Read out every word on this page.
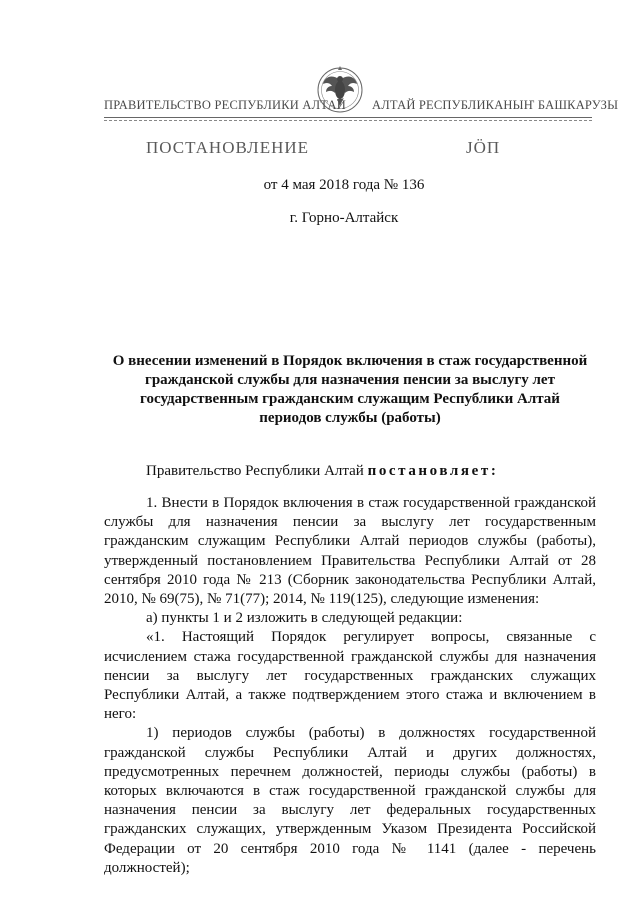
ПРАВИТЕЛЬСТВО РЕСПУБЛИКИ АЛТАЙ АЛТАЙ РЕСПУБЛИКАНЫҤ БАШКАРУЗЫ
ПОСТАНОВЛЕНИЕ	ЈӦП
от 4 мая 2018 года № 136
г. Горно-Алтайск
О внесении изменений в Порядок включения в стаж государственной
гражданской службы для назначения пенсии за выслугу лет
государственным гражданским служащим Республики Алтай
периодов службы (работы)
Правительство Республики Алтай постановляет:
1. Внести в Порядок включения в стаж государственной гражданской
службы для назначения пенсии за выслугу лет государственным
гражданским служащим Республики Алтай периодов службы (работы),
утвержденный постановлением Правительства Республики Алтай от 28
сентября 2010 года № 213 (Сборник законодательства Республики Алтай,
2010, № 69(75), № 71(77); 2014, № 119(125), следующие изменения:
а) пункты 1 и 2 изложить в следующей редакции:
«1. Настоящий Порядок регулирует вопросы, связанные с
исчислением стажа государственной гражданской службы для назначения
пенсии за выслугу лет государственных гражданских служащих
Республики Алтай, а также подтверждением этого стажа и включением в
него:
1) периодов службы (работы) в должностях государственной
гражданской службы Республики Алтай и других должностях,
предусмотренных перечнем должностей, периоды службы (работы) в
которых включаются в стаж государственной гражданской службы для
назначения пенсии за выслугу лет федеральных государственных
гражданских служащих, утвержденным Указом Президента Российской
Федерации от 20 сентября 2010 года № 1141 (далее - перечень
должностей);
